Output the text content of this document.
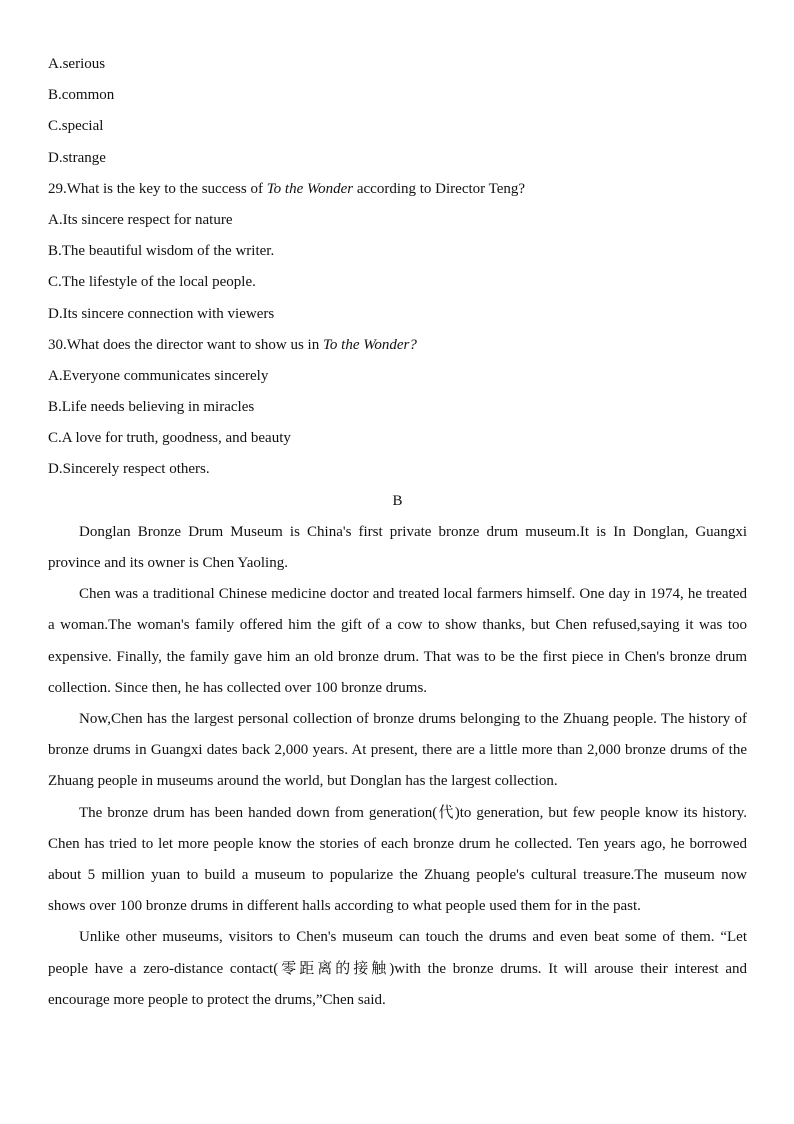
A.serious
B.common
C.special
D.strange
29.What is the key to the success of To the Wonder according to Director Teng?
A.Its sincere respect for nature
B.The beautiful wisdom of the writer.
C.The lifestyle of the local people.
D.Its sincere connection with viewers
30.What does the director want to show us in To the Wonder?
A.Everyone communicates sincerely
B.Life needs believing in miracles
C.A love for truth, goodness, and beauty
D.Sincerely respect others.
B

Donglan Bronze Drum Museum is China's first private bronze drum museum.It is In Donglan, Guangxi province and its owner is Chen Yaoling.

Chen was a traditional Chinese medicine doctor and treated local farmers himself. One day in 1974, he treated a woman.The woman's family offered him the gift of a cow to show thanks, but Chen refused,saying it was too expensive. Finally, the family gave him an old bronze drum. That was to be the first piece in Chen's bronze drum collection. Since then, he has collected over 100 bronze drums.

Now,Chen has the largest personal collection of bronze drums belonging to the Zhuang people. The history of bronze drums in Guangxi dates back 2,000 years. At present, there are a little more than 2,000 bronze drums of the Zhuang people in museums around the world, but Donglan has the largest collection.

The bronze drum has been handed down from generation(代)to generation, but few people know its history. Chen has tried to let more people know the stories of each bronze drum he collected. Ten years ago, he borrowed about 5 million yuan to build a museum to popularize the Zhuang people's cultural treasure.The museum now shows over 100 bronze drums in different halls according to what people used them for in the past.

Unlike other museums, visitors to Chen's museum can touch the drums and even beat some of them. “Let people have a zero-distance contact(零距离的接触)with the bronze drums. It will arouse their interest and encourage more people to protect the drums,”Chen said.
